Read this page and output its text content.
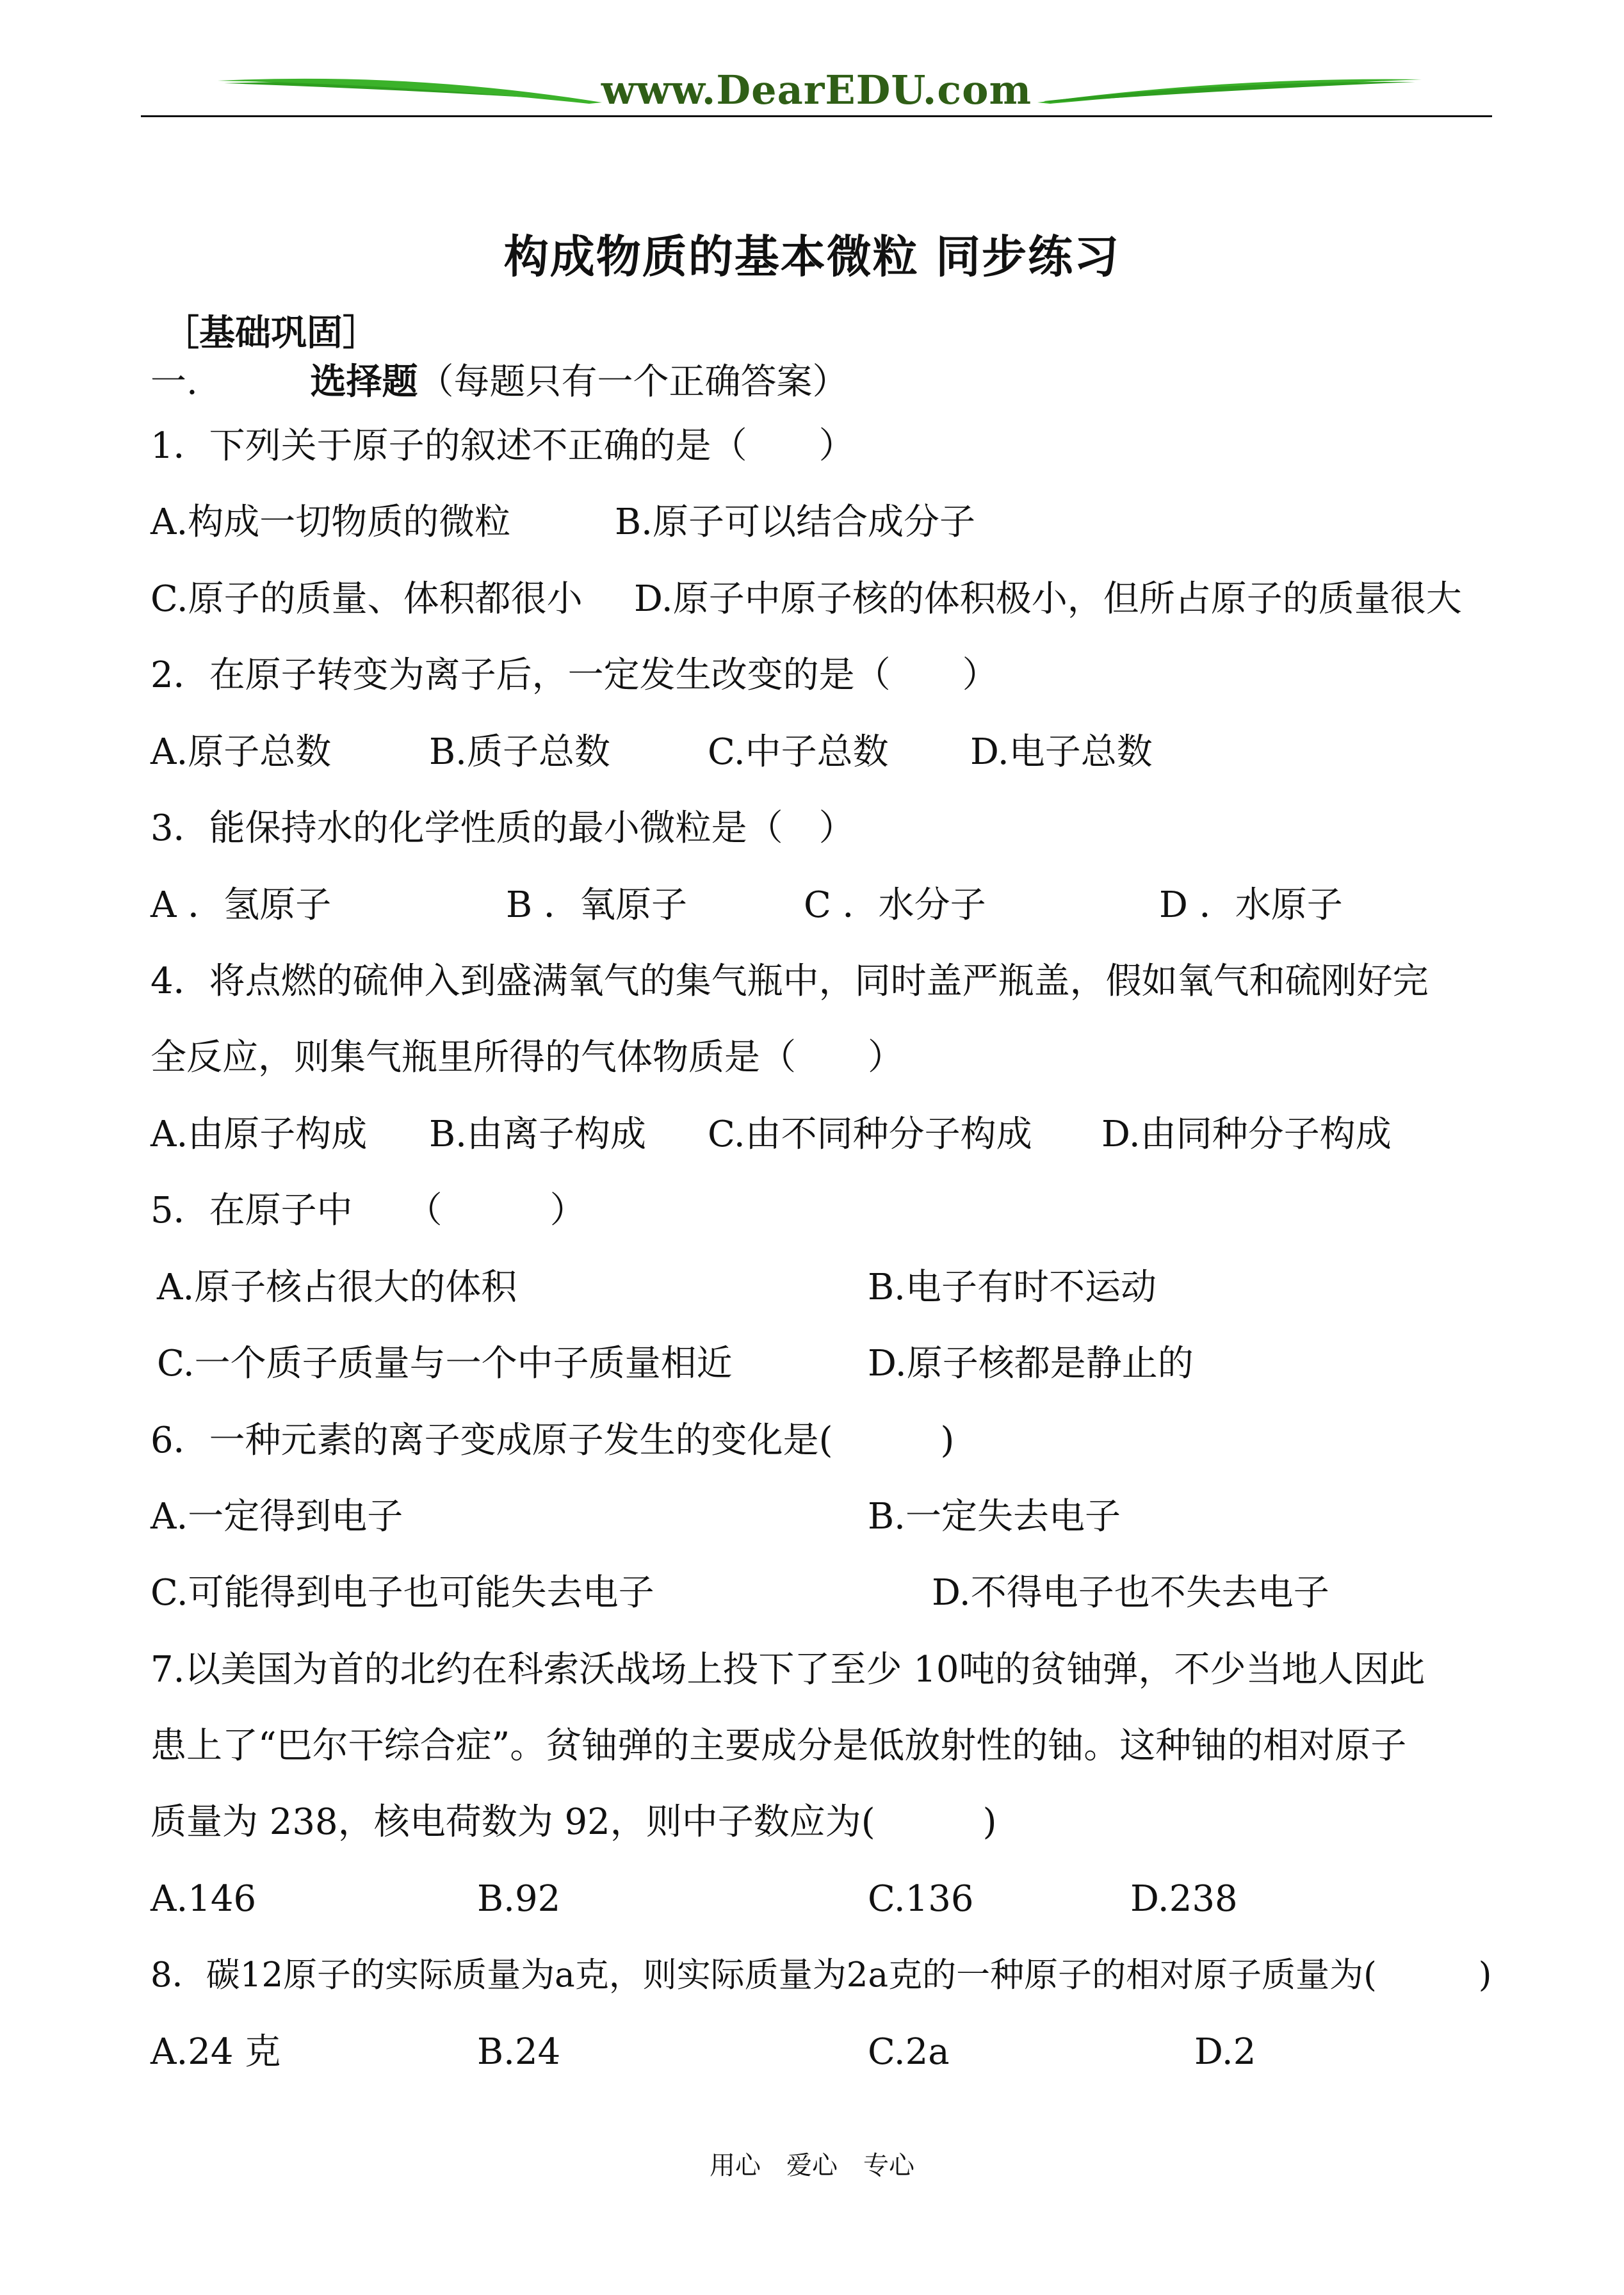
www.DearEDU.com
构成物质的基本微粒 同步练习
［基础巩固］
一.	选择题（每题只有一个正确答案）
1．下列关于原子的叙述不正确的是（　　）
A.构成一切物质的微粒	B.原子可以结合成分子
C.原子的质量、体积都很小 D.原子中原子核的体积极小，但所占原子的质量很大
2．在原子转变为离子后，一定发生改变的是（　　）
A.原子总数	B.质子总数	C.中子总数 D.电子总数
3．能保持水的化学性质的最小微粒是（　）
A ．氢原子	B ．氧原子	C ．水分子	D ．水原子
4．将点燃的硫伸入到盛满氧气的集气瓶中，同时盖严瓶盖，假如氧气和硫刚好完
全反应，则集气瓶里所得的气体物质是（　　）
A.由原子构成 B.由离子构成 C.由不同种分子构成 D.由同种分子构成
5．在原子中　　（　　　）
A.原子核占很大的体积	B.电子有时不运动
C.一个质子质量与一个中子质量相近	D.原子核都是静止的
6．一种元素的离子变成原子发生的变化是(　　　)
A.一定得到电子	B.一定失去电子
C.可能得到电子也可能失去电子	D.不得电子也不失去电子
7.以美国为首的北约在科索沃战场上投下了至少 10吨的贫铀弹，不少当地人因此
患上了“巴尔干综合症”。贫铀弹的主要成分是低放射性的铀。这种铀的相对原子
质量为 238，核电荷数为 92，则中子数应为(　　　)
A.146	B.92	C.136	D.238
8．碳12原子的实际质量为a克，则实际质量为2a克的一种原子的相对原子质量为(　　　)
A.24 克	B.24	C.2a	D.2
用心　爱心　专心
